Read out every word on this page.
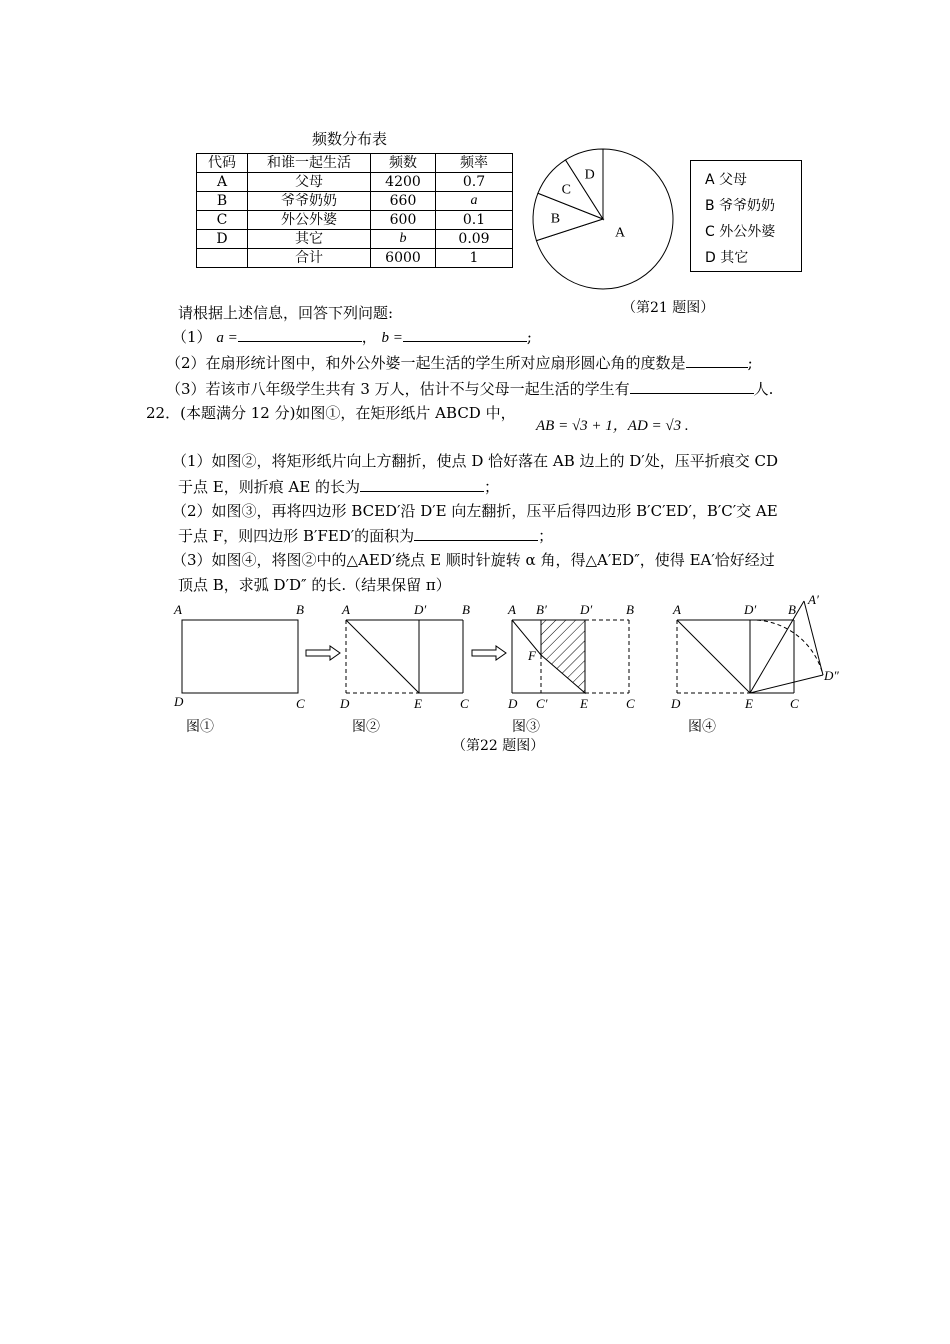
频数分布表
代码	和谁一起生活	频数	频率
A	父母	4200	0.7
B	爷爷奶奶	660	a
C	外公外婆	600	0.1
D	其它	b	0.09
	合计	6000	1
A
B
C
D	A 父母
B 爷爷奶奶
C 外公外婆
D 其它
（第21 题图）
请根据上述信息，回答下列问题:
（1） a =	， b =	;
（2）在扇形统计图中，和外公外婆一起生活的学生所对应扇形圆心角的度数是	;
（3）若该市八年级学生共有 3 万人，估计不与父母一起生活的学生有	人.
22．(本题满分 12 分)如图①，在矩形纸片 ABCD 中，
AB = √3 + 1，AD = √3 .
（1）如图②，将矩形纸片向上方翻折，使点 D 恰好落在 AB 边上的 D′处，压平折痕交 CD
于点 E，则折痕 AE 的长为	；
（2）如图③，再将四边形 BCED′沿 D′E 向左翻折，压平后得四边形 B′C′ED′，B′C′交 AE
于点 F，则四边形 B′FED′的面积为	；
（3）如图④，将图②中的△AED′绕点 E 顺时针旋转 α 角，得△A′ED″，使得 EA′恰好经过
顶点 B，求弧 D′D″ 的长.（结果保留 π）
A	B
D	C
A	D′	B
D	E	C
A B′	D′	B
F
D C′ E	C
A	D′ B
A′
D″
D	E	C
图①	图②	图③	图④
（第22 题图）
